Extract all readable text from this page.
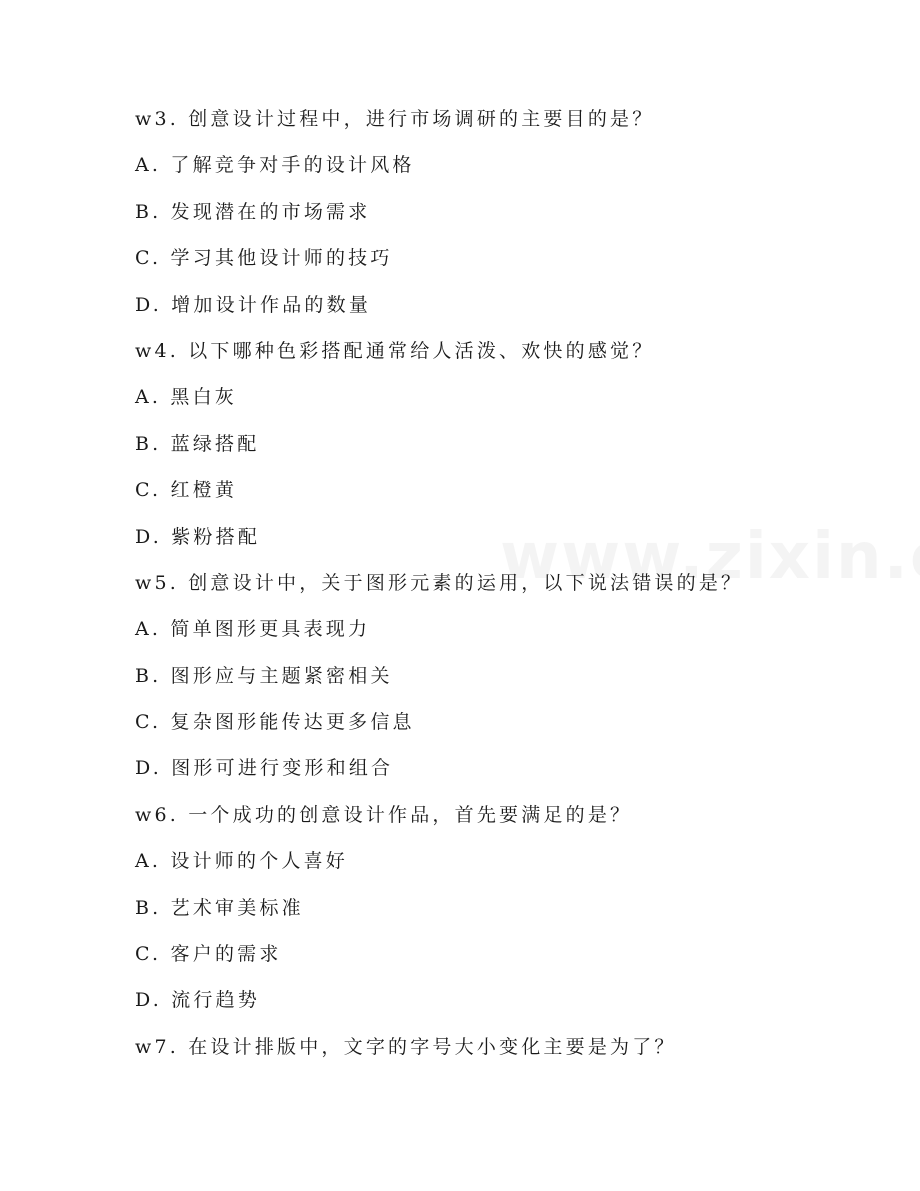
w3. 创意设计过程中，进行市场调研的主要目的是？
A. 了解竞争对手的设计风格
B. 发现潜在的市场需求
C. 学习其他设计师的技巧
D. 增加设计作品的数量
w4. 以下哪种色彩搭配通常给人活泼、欢快的感觉？
A. 黑白灰
B. 蓝绿搭配
C. 红橙黄
D. 紫粉搭配
w5. 创意设计中，关于图形元素的运用，以下说法错误的是？
A. 简单图形更具表现力
B. 图形应与主题紧密相关
C. 复杂图形能传达更多信息
D. 图形可进行变形和组合
w6. 一个成功的创意设计作品，首先要满足的是？
A. 设计师的个人喜好
B. 艺术审美标准
C. 客户的需求
D. 流行趋势
w7. 在设计排版中，文字的字号大小变化主要是为了？
